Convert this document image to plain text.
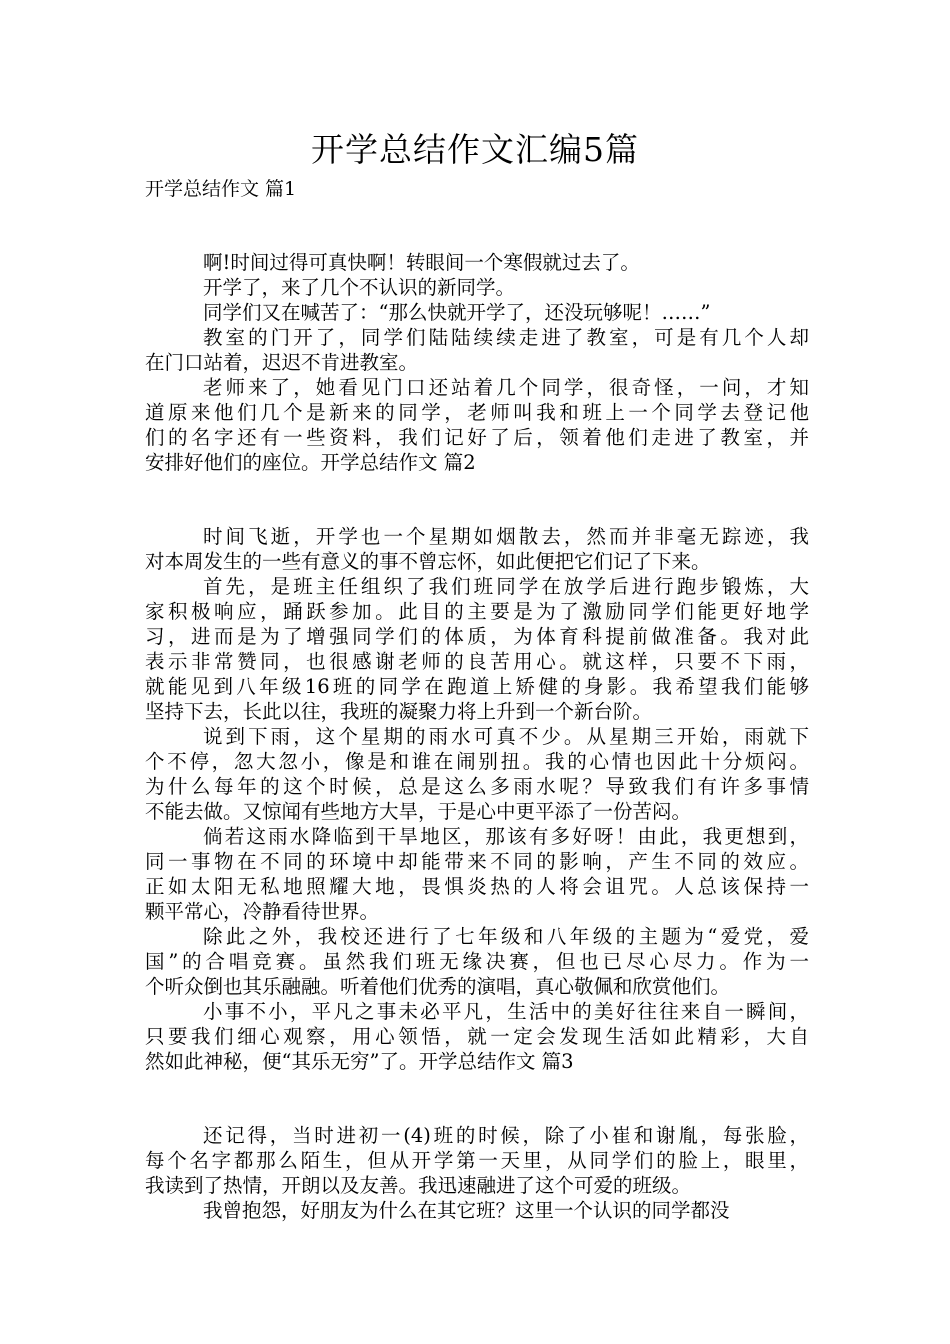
开学总结作文汇编5篇

开学总结作文 篇1

啊!时间过得可真快啊！转眼间一个寒假就过去了。

开学了，来了几个不认识的新同学。

同学们又在喊苦了：“那么快就开学了，还没玩够呢！……”

教室的门开了，同学们陆陆续续走进了教室，可是有几个人却

在门口站着，迟迟不肯进教室。

老师来了，她看见门口还站着几个同学，很奇怪，一问，才知

道原来他们几个是新来的同学，老师叫我和班上一个同学去登记他

们的名字还有一些资料，我们记好了后，领着他们走进了教室，并

安排好他们的座位。开学总结作文 篇2

时间飞逝，开学也一个星期如烟散去，然而并非毫无踪迹，我

对本周发生的一些有意义的事不曾忘怀，如此便把它们记了下来。

首先，是班主任组织了我们班同学在放学后进行跑步锻炼，大

家积极响应，踊跃参加。此目的主要是为了激励同学们能更好地学

习，进而是为了增强同学们的体质，为体育科提前做准备。我对此

表示非常赞同，也很感谢老师的良苦用心。就这样，只要不下雨，

就能见到八年级16班的同学在跑道上矫健的身影。我希望我们能够

坚持下去，长此以往，我班的凝聚力将上升到一个新台阶。

说到下雨，这个星期的雨水可真不少。从星期三开始，雨就下

个不停，忽大忽小，像是和谁在闹别扭。我的心情也因此十分烦闷。

为什么每年的这个时候，总是这么多雨水呢？导致我们有许多事情

不能去做。又惊闻有些地方大旱，于是心中更平添了一份苦闷。

倘若这雨水降临到干旱地区，那该有多好呀！由此，我更想到，

同一事物在不同的环境中却能带来不同的影响，产生不同的效应。

正如太阳无私地照耀大地，畏惧炎热的人将会诅咒。人总该保持一

颗平常心，冷静看待世界。

除此之外，我校还进行了七年级和八年级的主题为“爱党，爱

国”的合唱竞赛。虽然我们班无缘决赛，但也已尽心尽力。作为一

个听众倒也其乐融融。听着他们优秀的演唱，真心敬佩和欣赏他们。

小事不小，平凡之事未必平凡，生活中的美好往往来自一瞬间，

只要我们细心观察，用心领悟，就一定会发现生活如此精彩，大自

然如此神秘，便“其乐无穷”了。开学总结作文 篇3

还记得，当时进初一(4)班的时候，除了小崔和谢胤，每张脸，

每个名字都那么陌生，但从开学第一天里，从同学们的脸上，眼里，

我读到了热情，开朗以及友善。我迅速融进了这个可爱的班级。

我曾抱怨，好朋友为什么在其它班？这里一个认识的同学都没
